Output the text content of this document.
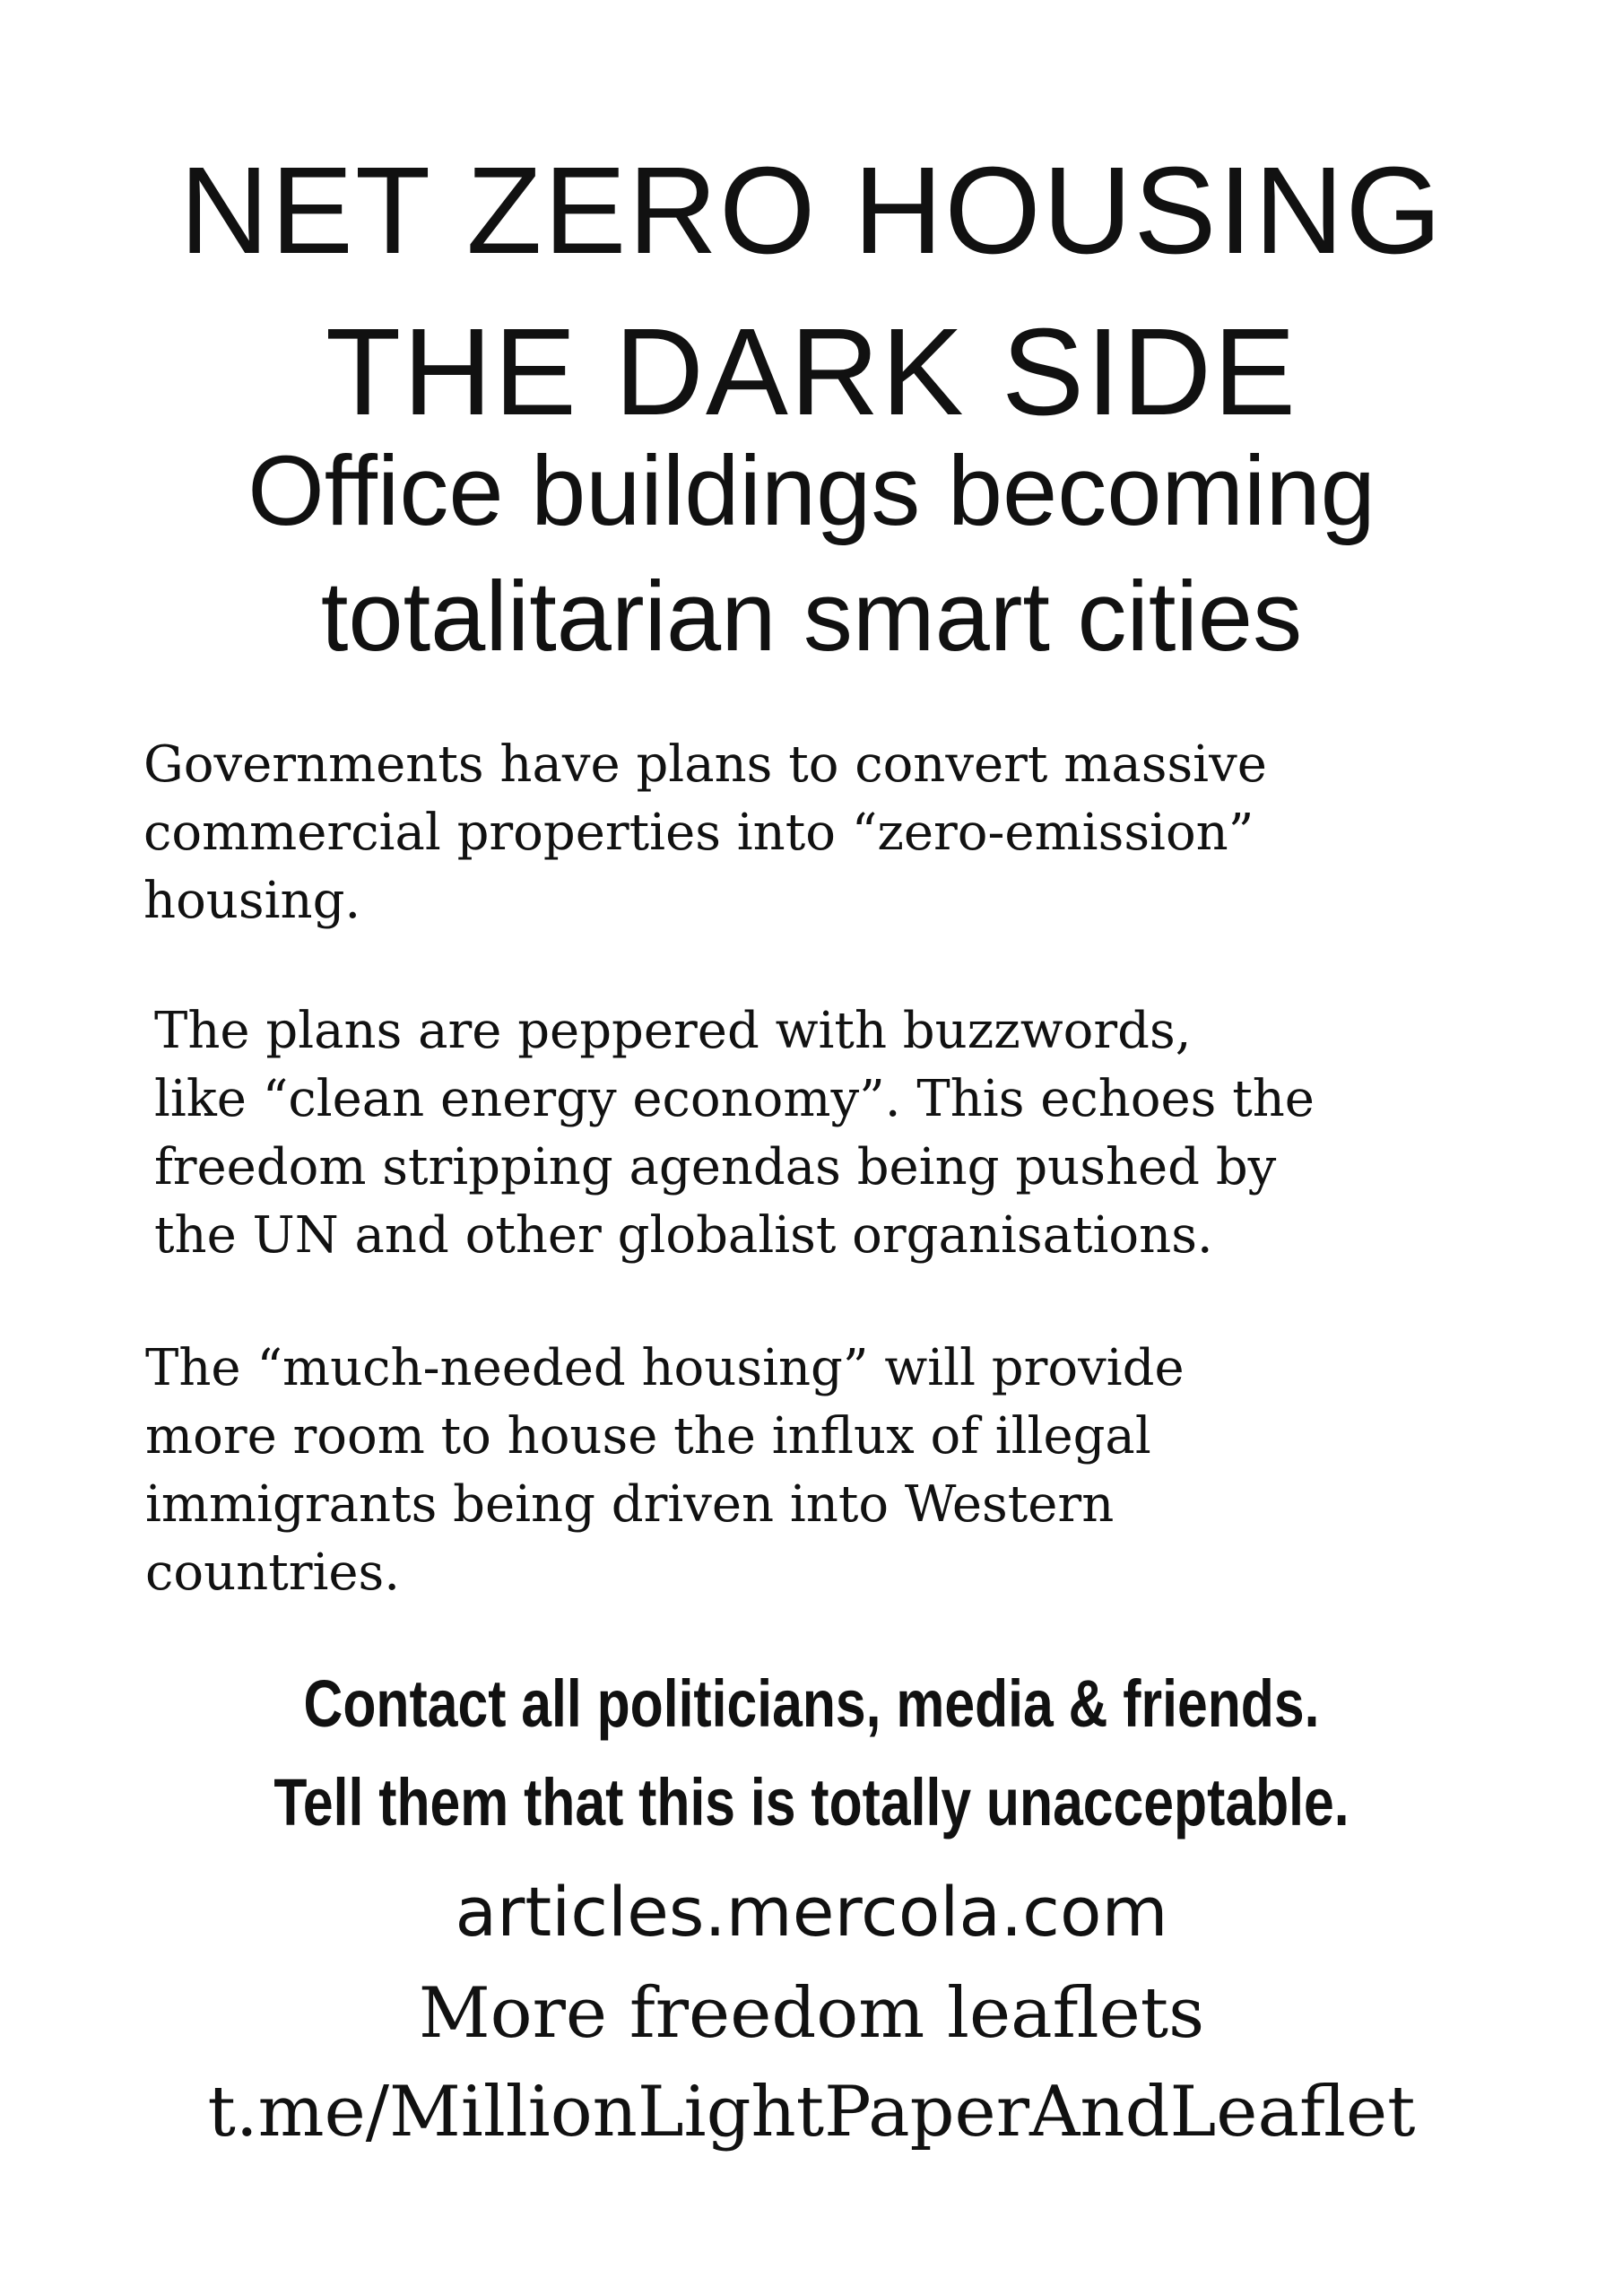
NET ZERO HOUSING
THE DARK SIDE
Office buildings becoming
totalitarian smart cities

Governments have plans to convert massive
commercial properties into “zero-emission”
housing.

The plans are peppered with buzzwords,
like “clean energy economy”. This echoes the
freedom stripping agendas being pushed by
the UN and other globalist organisations.

The “much-needed housing” will provide
more room to house the influx of illegal
immigrants being driven into Western
countries.

Contact all politicians, media & friends.

Tell them that this is totally unacceptable.

articles.mercola.com

More freedom leaflets

t.me/MillionLightPaperAndLeaflet
